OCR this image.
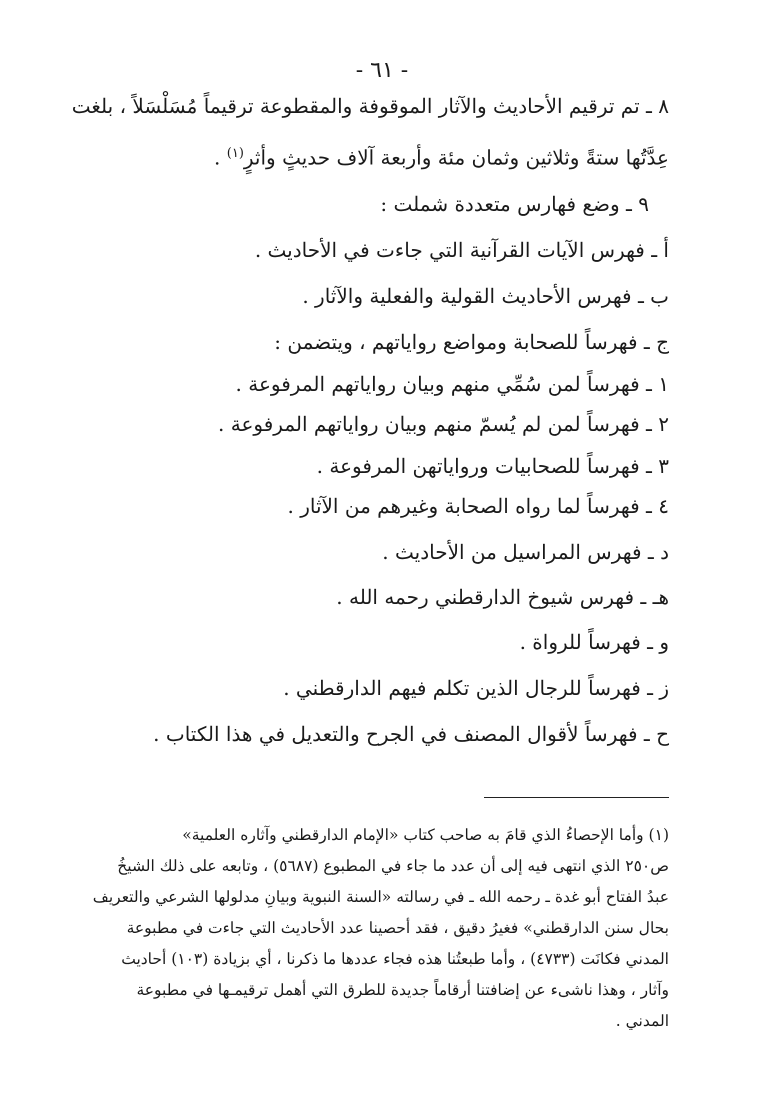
- ٦١ -
٨ ـ تم ترقيم الأحاديث والآثار الموقوفة والمقطوعة ترقيماً مُسَلْسَلاً ، بلغت
عِدَّتُها ستةً وثلاثين وثمان مئة وأربعة آلاف حديثٍ وأثرٍ$^{(١)}$ .
٩ ـ وضع فهارس متعددة شملت :
أ ـ فهرس الآيات القرآنية التي جاءت في الأحاديث .
ب ـ فهرس الأحاديث القولية والفعلية والآثار .
ج ـ فهرساً للصحابة ومواضع رواياتهم ، ويتضمن :
١ ـ فهرساً لمن سُمِّي منهم وبيان رواياتهم المرفوعة .
٢ ـ فهرساً لمن لم يُسمّ منهم وبيان رواياتهم المرفوعة .
٣ ـ فهرساً للصحابيات ورواياتهن المرفوعة .
٤ ـ فهرساً لما رواه الصحابة وغيرهم من الآثار .
د ـ فهرس المراسيل من الأحاديث .
هـ ـ فهرس شيوخ الدارقطني رحمه الله .
و ـ فهرساً للرواة .
ز ـ فهرساً للرجال الذين تكلم فيهم الدارقطني .
ح ـ فهرساً لأقوال المصنف في الجرح والتعديل في هذا الكتاب .
(١) وأما الإحصاءُ الذي قامَ به صاحب كتاب «الإمام الدارقطني وآثاره العلمية»
ص٢٥٠ الذي انتهى فيه إلى أن عدد ما جاء في المطبوع (٥٦٨٧) ، وتابعه على ذلك الشيخُ
عبدُ الفتاح أبو غدة ـ رحمه الله ـ في رسالته «السنة النبوية وبيانِ مدلولها الشرعي والتعريف
بحال سنن الدارقطني» فغيرُ دقيق ، فقد أحصينا عدد الأحاديث التي جاءت في مطبوعة
المدني فكانَت (٤٧٣٣) ، وأما طبعتُنا هذه فجاء عددها ما ذكرنا ، أي بزيادة (١٠٣) أحاديث
وآثار ، وهذا ناشىء عن إضافتنا أرقاماً جديدة للطرق التي أهمل ترقيمـها في مطبوعة
المدني .
